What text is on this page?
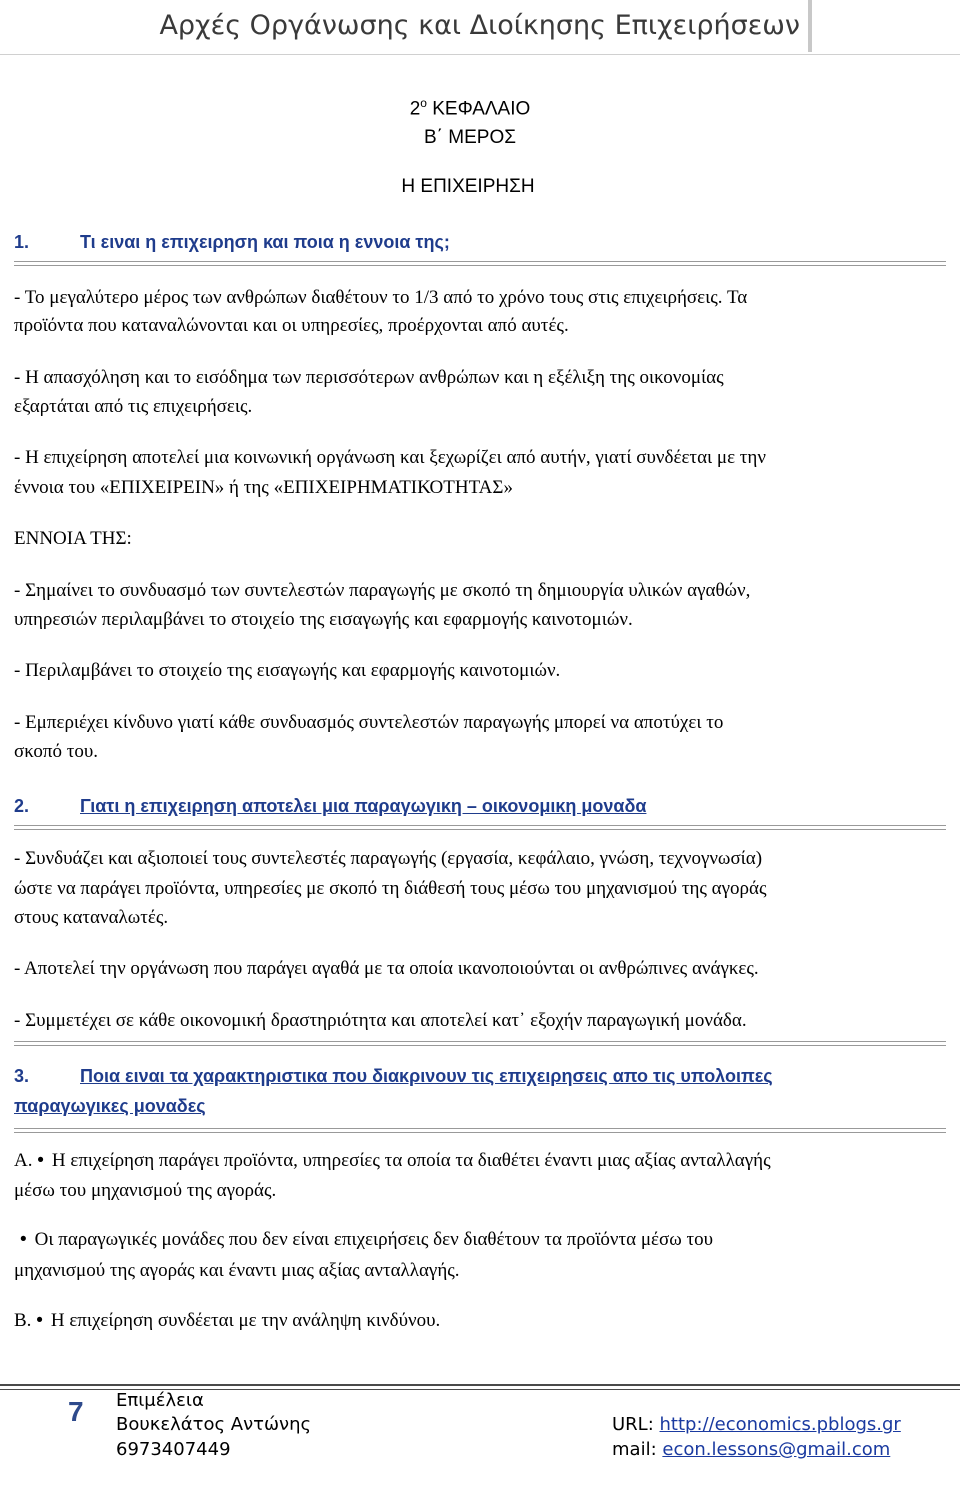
Αρχές Οργάνωσης και Διοίκησης Επιχειρήσεων
$2^o$ ΚΕΦΑΛΑΙΟ
Β΄ ΜΕΡΟΣ
Η ΕΠΙΧΕΙΡΗΣΗ
1.	Τι ειναι η επιχειρηση και ποια η εννοια της;
- Το μεγαλύτερο μέρος των ανθρώπων διαθέτουν το 1/3 από το χρόνο τους στις επιχειρήσεις. Τα
προϊόντα που καταναλώνονται και οι υπηρεσίες, προέρχονται από αυτές.
- Η απασχόληση και το εισόδημα των περισσότερων ανθρώπων και η εξέλιξη της οικονομίας
εξαρτάται από τις επιχειρήσεις.
- Η επιχείρηση αποτελεί μια κοινωνική οργάνωση και ξεχωρίζει από αυτήν, γιατί συνδέεται με την
έννοια του «ΕΠΙΧΕΙΡΕΙΝ» ή της «ΕΠΙΧΕΙΡΗΜΑΤΙΚΟΤΗΤΑΣ»
ΕΝΝΟΙΑ ΤΗΣ:
- Σημαίνει το συνδυασμό των συντελεστών παραγωγής με σκοπό τη δημιουργία υλικών αγαθών,
υπηρεσιών περιλαμβάνει το στοιχείο της εισαγωγής και εφαρμογής καινοτομιών.
- Περιλαμβάνει το στοιχείο της εισαγωγής και εφαρμογής καινοτομιών.
- Εμπεριέχει κίνδυνο γιατί κάθε συνδυασμός συντελεστών παραγωγής μπορεί να αποτύχει το
σκοπό του.
2.	Γιατι η επιχειρηση αποτελει μια παραγωγικη – οικονομικη μοναδα
- Συνδυάζει και αξιοποιεί τους συντελεστές παραγωγής (εργασία, κεφάλαιο, γνώση, τεχνογνωσία)
ώστε να παράγει προϊόντα, υπηρεσίες με σκοπό τη διάθεσή τους μέσω του μηχανισμού της αγοράς
στους καταναλωτές.
- Αποτελεί την οργάνωση που παράγει αγαθά με τα οποία ικανοποιούνται οι ανθρώπινες ανάγκες.
- Συμμετέχει σε κάθε οικονομική δραστηριότητα και αποτελεί κατ᾽ εξοχήν παραγωγική μονάδα.
3.	Ποια ειναι τα χαρακτηριστικα που διακρινουν τις επιχειρησεις απο τις υπολοιπες
παραγωγικες μοναδες
Α. • Η επιχείρηση παράγει προϊόντα, υπηρεσίες τα οποία τα διαθέτει έναντι μιας αξίας ανταλλαγής
μέσω του μηχανισμού της αγοράς.
• Οι παραγωγικές μονάδες που δεν είναι επιχειρήσεις δεν διαθέτουν τα προϊόντα μέσω του
μηχανισμού της αγοράς και έναντι μιας αξίας ανταλλαγής.
Β. • Η επιχείρηση συνδέεται με την ανάληψη κινδύνου.
7 Επιμέλεια
Βουκελάτος Αντώνης
6973407449
URL: http://economics.pblogs.gr
mail: econ.lessons@gmail.com
